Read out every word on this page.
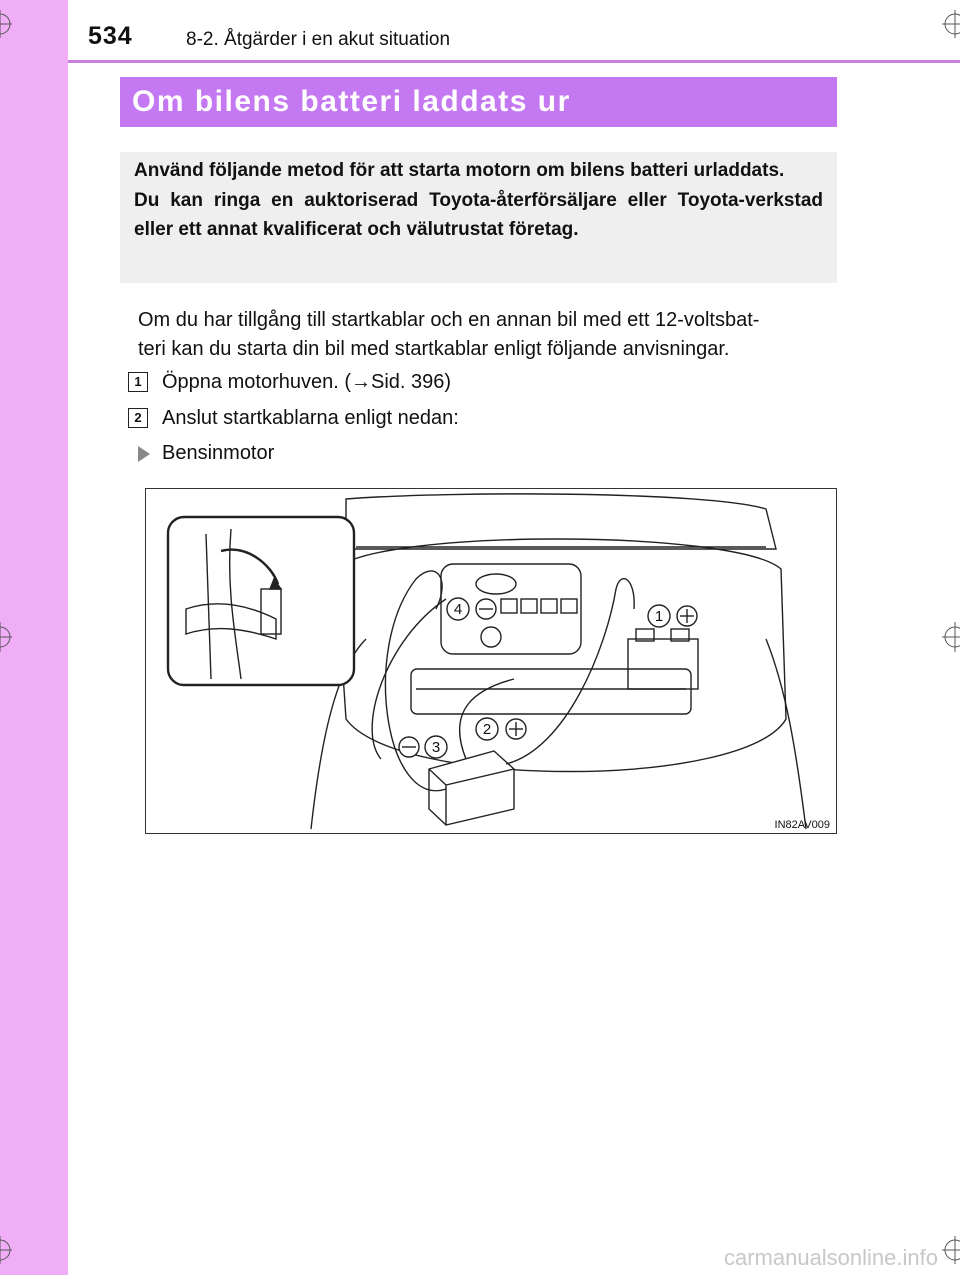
534	8-2. Åtgärder i en akut situation
Om bilens batteri laddats ur

Använd följande metod för att starta motorn om bilens batteri urladdats.

Du kan ringa en auktoriserad Toyota-återförsäljare eller Toyota-verkstad eller ett annat kvalificerat och välutrustat företag.

Om du har tillgång till startkablar och en annan bil med ett 12-voltsbat-
teri kan du starta din bil med startkablar enligt följande anvisningar.
1	Öppna motorhuven. (→Sid. 396)
2	Anslut startkablarna enligt nedan:
Bensinmotor
1
2
3
4
IN82AV009
carmanualsonline.info
